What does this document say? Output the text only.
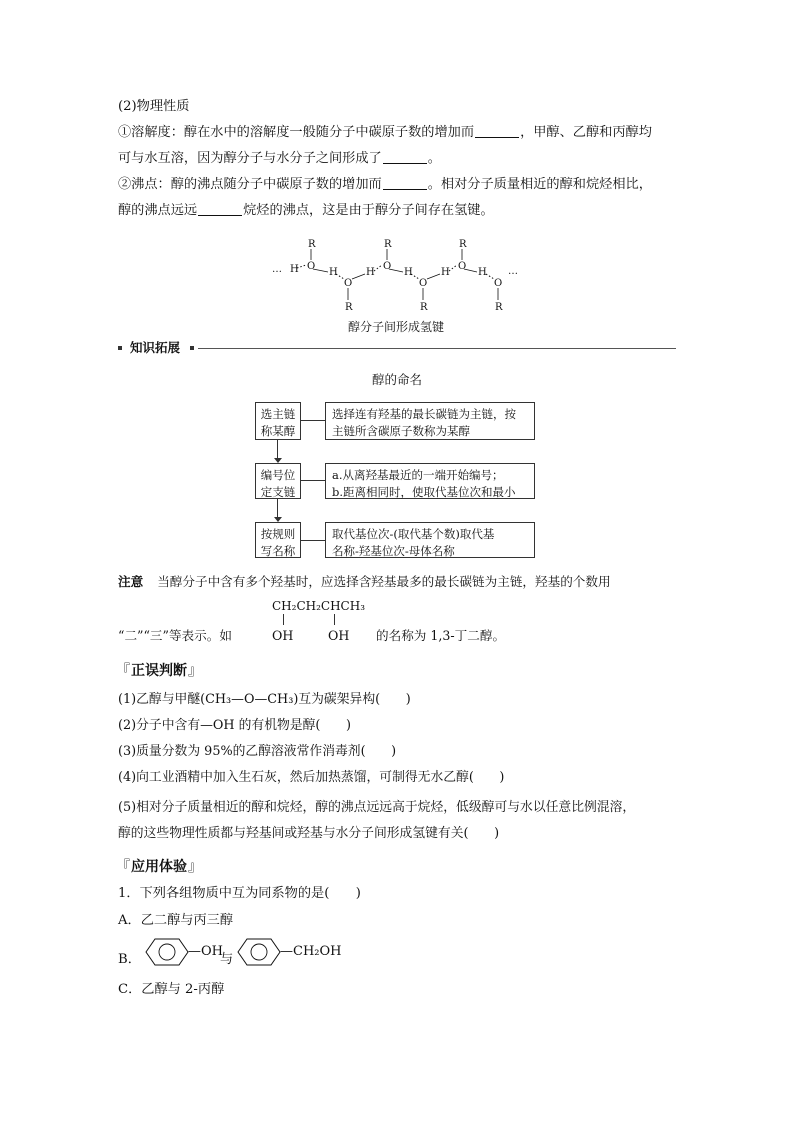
(2)物理性质
①溶解度：醇在水中的溶解度一般随分子中碳原子数的增加而	，甲醇、乙醇和丙醇均
可与水互溶，因为醇分子与水分子之间形成了	。
②沸点：醇的沸点随分子中碳原子数的增加而	。相对分子质量相近的醇和烷烃相比，
醇的沸点远远	烷烃的沸点，这是由于醇分子间存在氢键。
… H
R
O
H
O
R
H
R
O
H
O
R
H
R
O
H
O
R
…
醇分子间形成氢键
知识拓展
醇的命名
选主链
称某醇
选择连有羟基的最长碳链为主链，按
主链所含碳原子数称为某醇
编号位
定支链
a.从离羟基最近的一端开始编号；
b.距离相同时，使取代基位次和最小
按规则
写名称
取代基位次-(取代基个数)取代基
名称-羟基位次-母体名称
注意 当醇分子中含有多个羟基时，应选择含羟基最多的最长碳链为主链，羟基的个数用
CH₂CH₂CHCH₃
“二”“三”等表示。如	OH	OH 的名称为 1,3-丁二醇。
『正误判断』
(1)乙醇与甲醚(CH₃—O—CH₃)互为碳架异构(　　)
(2)分子中含有—OH 的有机物是醇(　　)
(3)质量分数为 95%的乙醇溶液常作消毒剂(　　)
(4)向工业酒精中加入生石灰，然后加热蒸馏，可制得无水乙醇(　　)
(5)相对分子质量相近的醇和烷烃，醇的沸点远远高于烷烃，低级醇可与水以任意比例混溶，
醇的这些物理性质都与羟基间或羟基与水分子间形成氢键有关(　　)
『应用体验』
1．下列各组物质中互为同系物的是(　　)
A．乙二醇与丙三醇
B．
—OH
与
—CH₂OH
C．乙醇与 2-丙醇
